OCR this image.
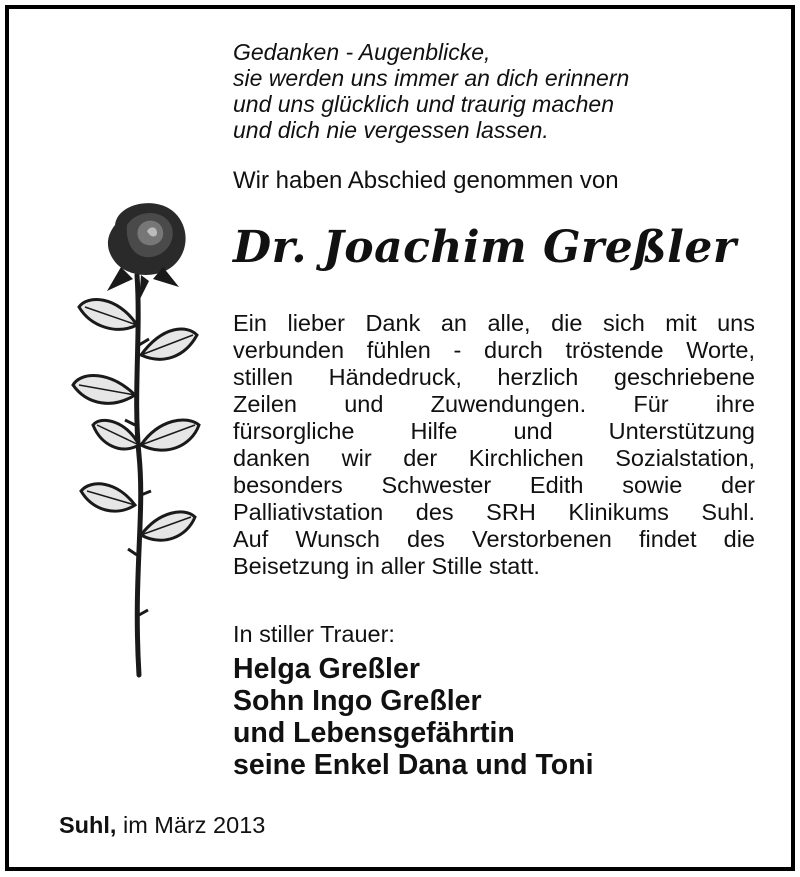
Gedanken - Augenblicke,
sie werden uns immer an dich erinnern
und uns glücklich und traurig machen
und dich nie vergessen lassen.
Wir haben Abschied genommen von
Dr. Joachim Greßler
Ein lieber Dank an alle, die sich mit uns
verbunden fühlen - durch tröstende Worte,
stillen Händedruck, herzlich geschriebene
Zeilen und Zuwendungen. Für ihre
fürsorgliche Hilfe und Unterstützung
danken wir der Kirchlichen Sozialstation,
besonders Schwester Edith sowie der
Palliativstation des SRH Klinikums Suhl.
Auf Wunsch des Verstorbenen findet die
Beisetzung in aller Stille statt.
In stiller Trauer:
Helga Greßler
Sohn Ingo Greßler
und Lebensgefährtin
seine Enkel Dana und Toni
Suhl, im März 2013
